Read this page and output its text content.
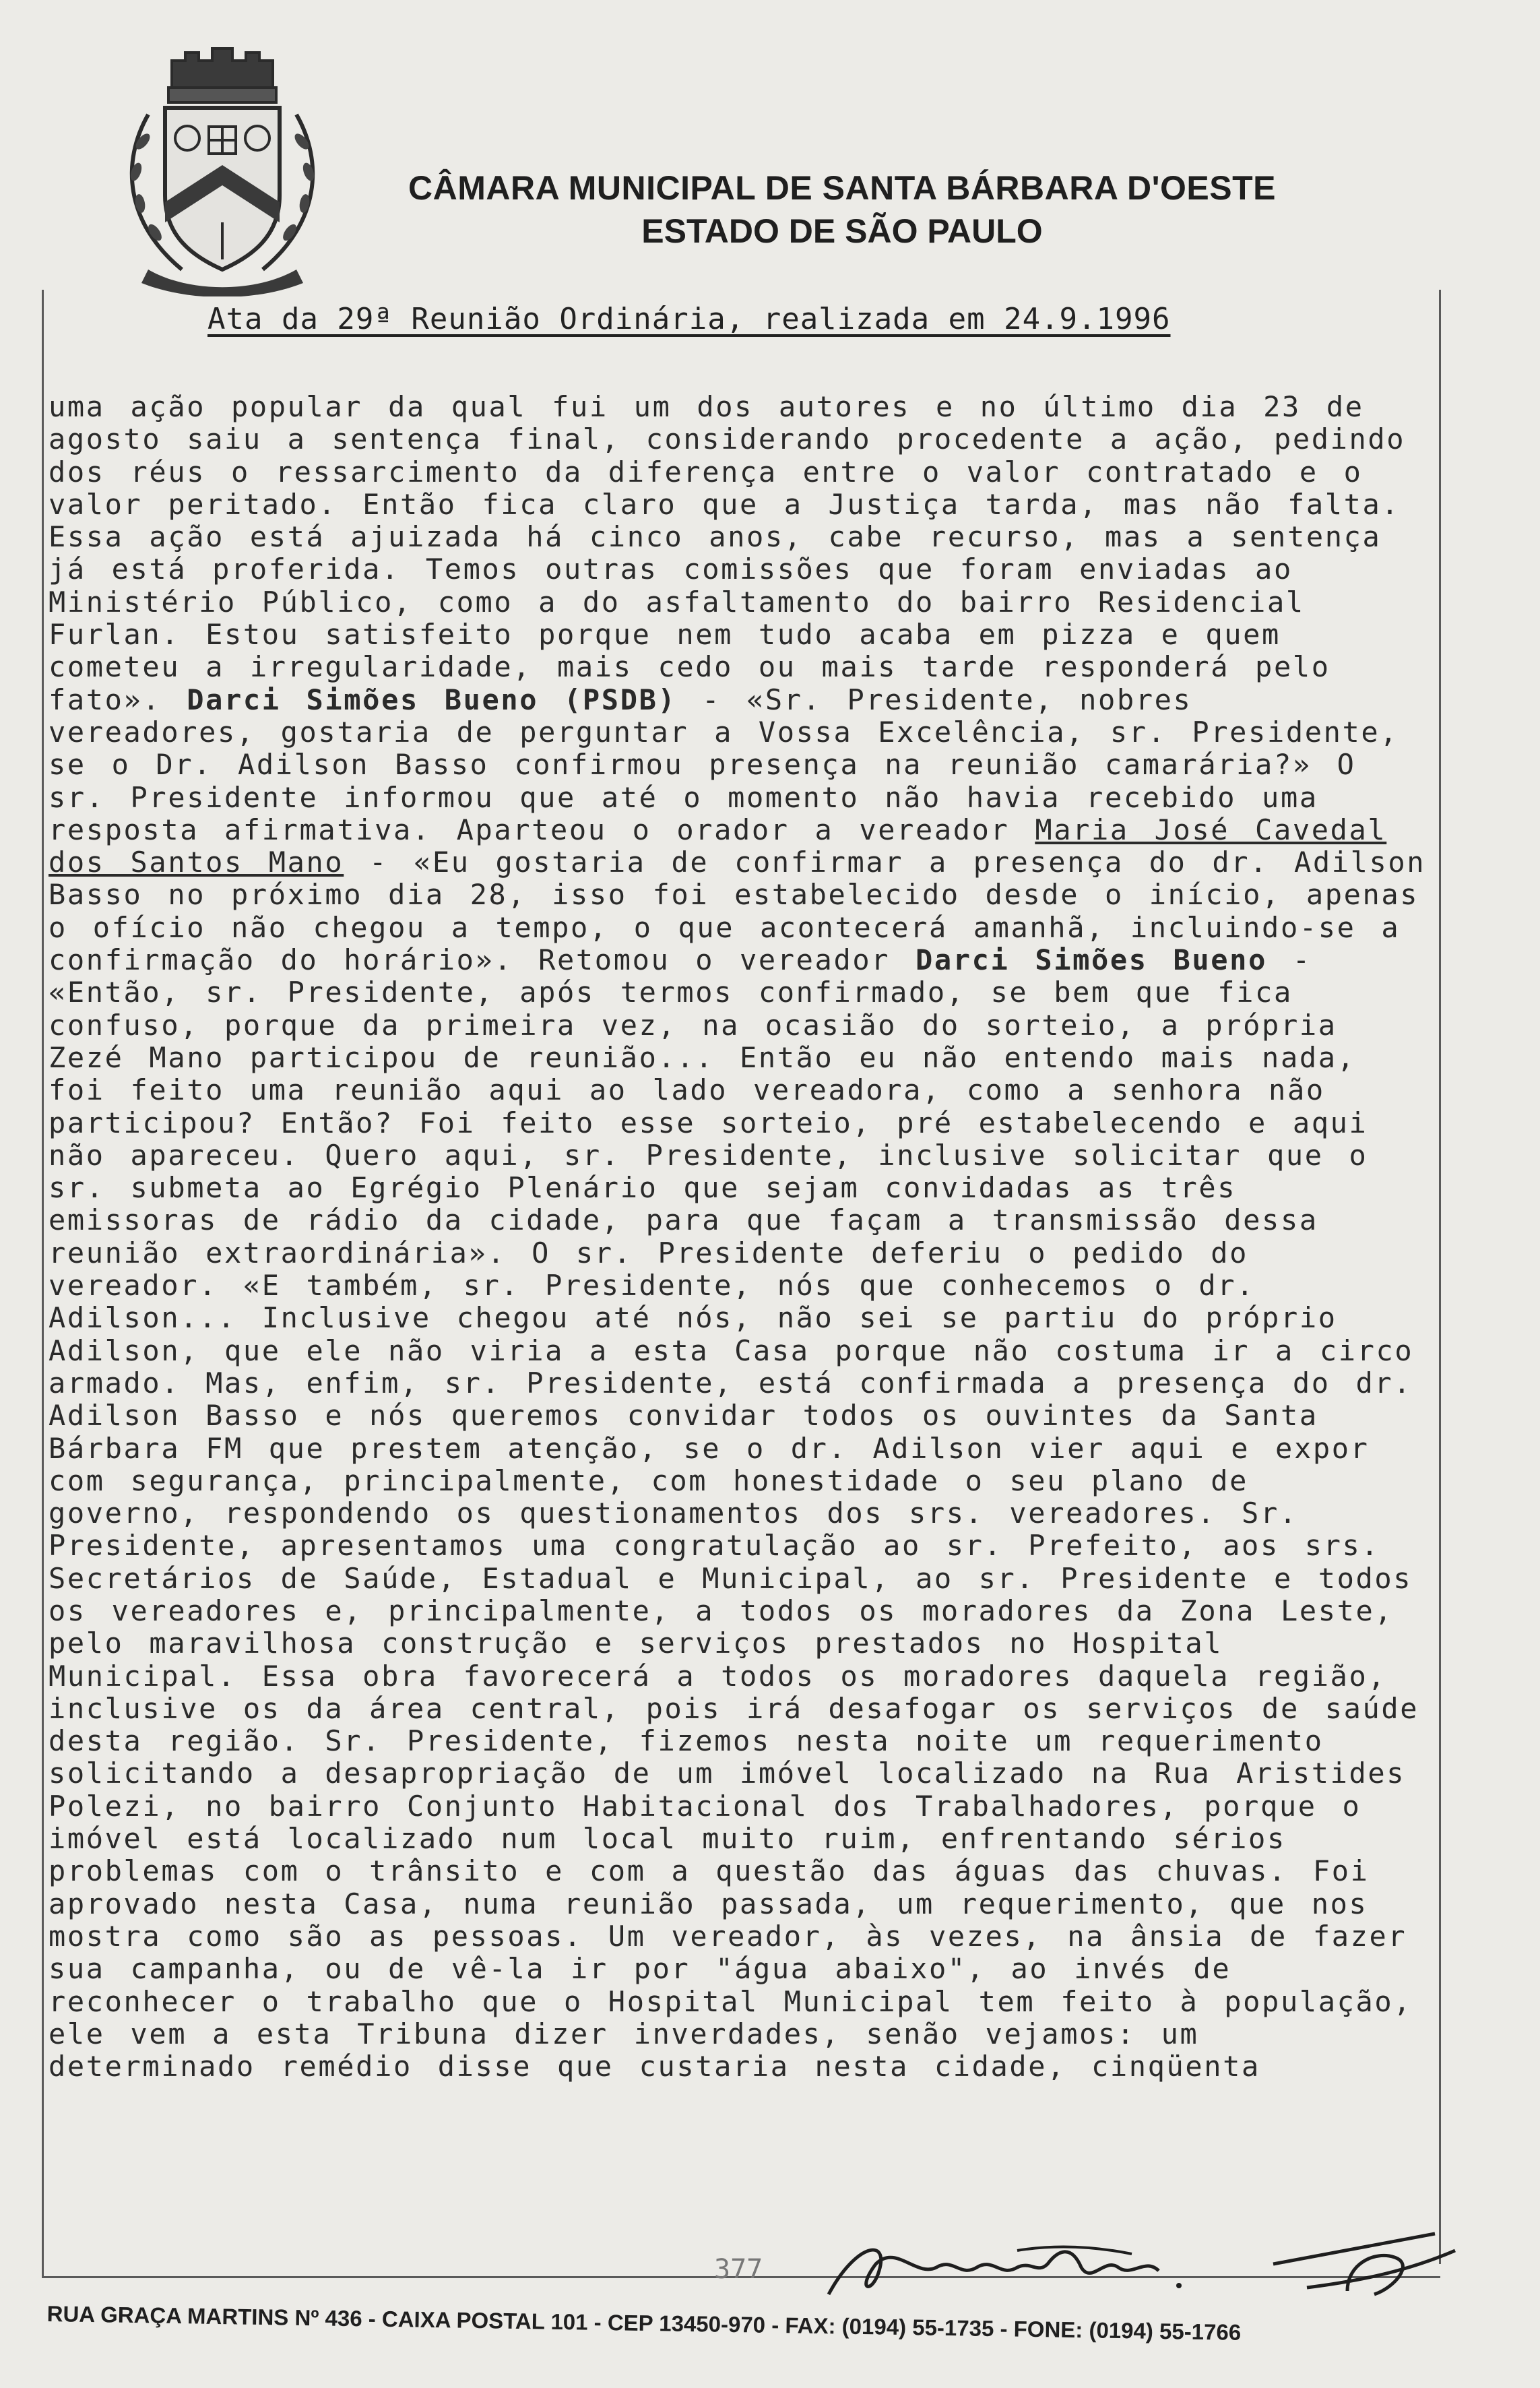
CÂMARA MUNICIPAL DE SANTA BÁRBARA D'OESTE
ESTADO DE SÃO PAULO
Ata da 29ª Reunião Ordinária, realizada em 24.9.1996
uma ação popular da qual fui um dos autores e no último dia 23 de
agosto saiu a sentença final, considerando procedente a ação, pedindo
dos réus o ressarcimento da diferença entre o valor contratado e o
valor peritado. Então fica claro que a Justiça tarda, mas não falta.
Essa ação está ajuizada há cinco anos, cabe recurso, mas a sentença
já está proferida. Temos outras comissões que foram enviadas ao
Ministério Público, como a do asfaltamento do bairro Residencial
Furlan. Estou satisfeito porque nem tudo acaba em pizza e quem
cometeu a irregularidade, mais cedo ou mais tarde responderá pelo
fato». Darci Simões Bueno (PSDB) - «Sr. Presidente, nobres
vereadores, gostaria de perguntar a Vossa Excelência, sr. Presidente,
se o Dr. Adilson Basso confirmou presença na reunião camarária?» O
sr. Presidente informou que até o momento não havia recebido uma
resposta afirmativa. Aparteou o orador a vereador Maria José Cavedal
dos Santos Mano - «Eu gostaria de confirmar a presença do dr. Adilson
Basso no próximo dia 28, isso foi estabelecido desde o início, apenas
o ofício não chegou a tempo, o que acontecerá amanhã, incluindo-se a
confirmação do horário». Retomou o vereador Darci Simões Bueno -
«Então, sr. Presidente, após termos confirmado, se bem que fica
confuso, porque da primeira vez, na ocasião do sorteio, a própria
Zezé Mano participou de reunião... Então eu não entendo mais nada,
foi feito uma reunião aqui ao lado vereadora, como a senhora não
participou? Então? Foi feito esse sorteio, pré estabelecendo e aqui
não apareceu. Quero aqui, sr. Presidente, inclusive solicitar que o
sr. submeta ao Egrégio Plenário que sejam convidadas as três
emissoras de rádio da cidade, para que façam a transmissão dessa
reunião extraordinária». O sr. Presidente deferiu o pedido do
vereador. «E também, sr. Presidente, nós que conhecemos o dr.
Adilson... Inclusive chegou até nós, não sei se partiu do próprio
Adilson, que ele não viria a esta Casa porque não costuma ir a circo
armado. Mas, enfim, sr. Presidente, está confirmada a presença do dr.
Adilson Basso e nós queremos convidar todos os ouvintes da Santa
Bárbara FM que prestem atenção, se o dr. Adilson vier aqui e expor
com segurança, principalmente, com honestidade o seu plano de
governo, respondendo os questionamentos dos srs. vereadores. Sr.
Presidente, apresentamos uma congratulação ao sr. Prefeito, aos srs.
Secretários de Saúde, Estadual e Municipal, ao sr. Presidente e todos
os vereadores e, principalmente, a todos os moradores da Zona Leste,
pelo maravilhosa construção e serviços prestados no Hospital
Municipal. Essa obra favorecerá a todos os moradores daquela região,
inclusive os da área central, pois irá desafogar os serviços de saúde
desta região. Sr. Presidente, fizemos nesta noite um requerimento
solicitando a desapropriação de um imóvel localizado na Rua Aristides
Polezi, no bairro Conjunto Habitacional dos Trabalhadores, porque o
imóvel está localizado num local muito ruim, enfrentando sérios
problemas com o trânsito e com a questão das águas das chuvas. Foi
aprovado nesta Casa, numa reunião passada, um requerimento, que nos
mostra como são as pessoas. Um vereador, às vezes, na ânsia de fazer
sua campanha, ou de vê-la ir por "água abaixo", ao invés de
reconhecer o trabalho que o Hospital Municipal tem feito à população,
ele vem a esta Tribuna dizer inverdades, senão vejamos: um
determinado remédio disse que custaria nesta cidade, cinqüenta
377
RUA GRAÇA MARTINS Nº 436 - CAIXA POSTAL 101 - CEP 13450-970 - FAX: (0194) 55-1735 - FONE: (0194) 55-1766
